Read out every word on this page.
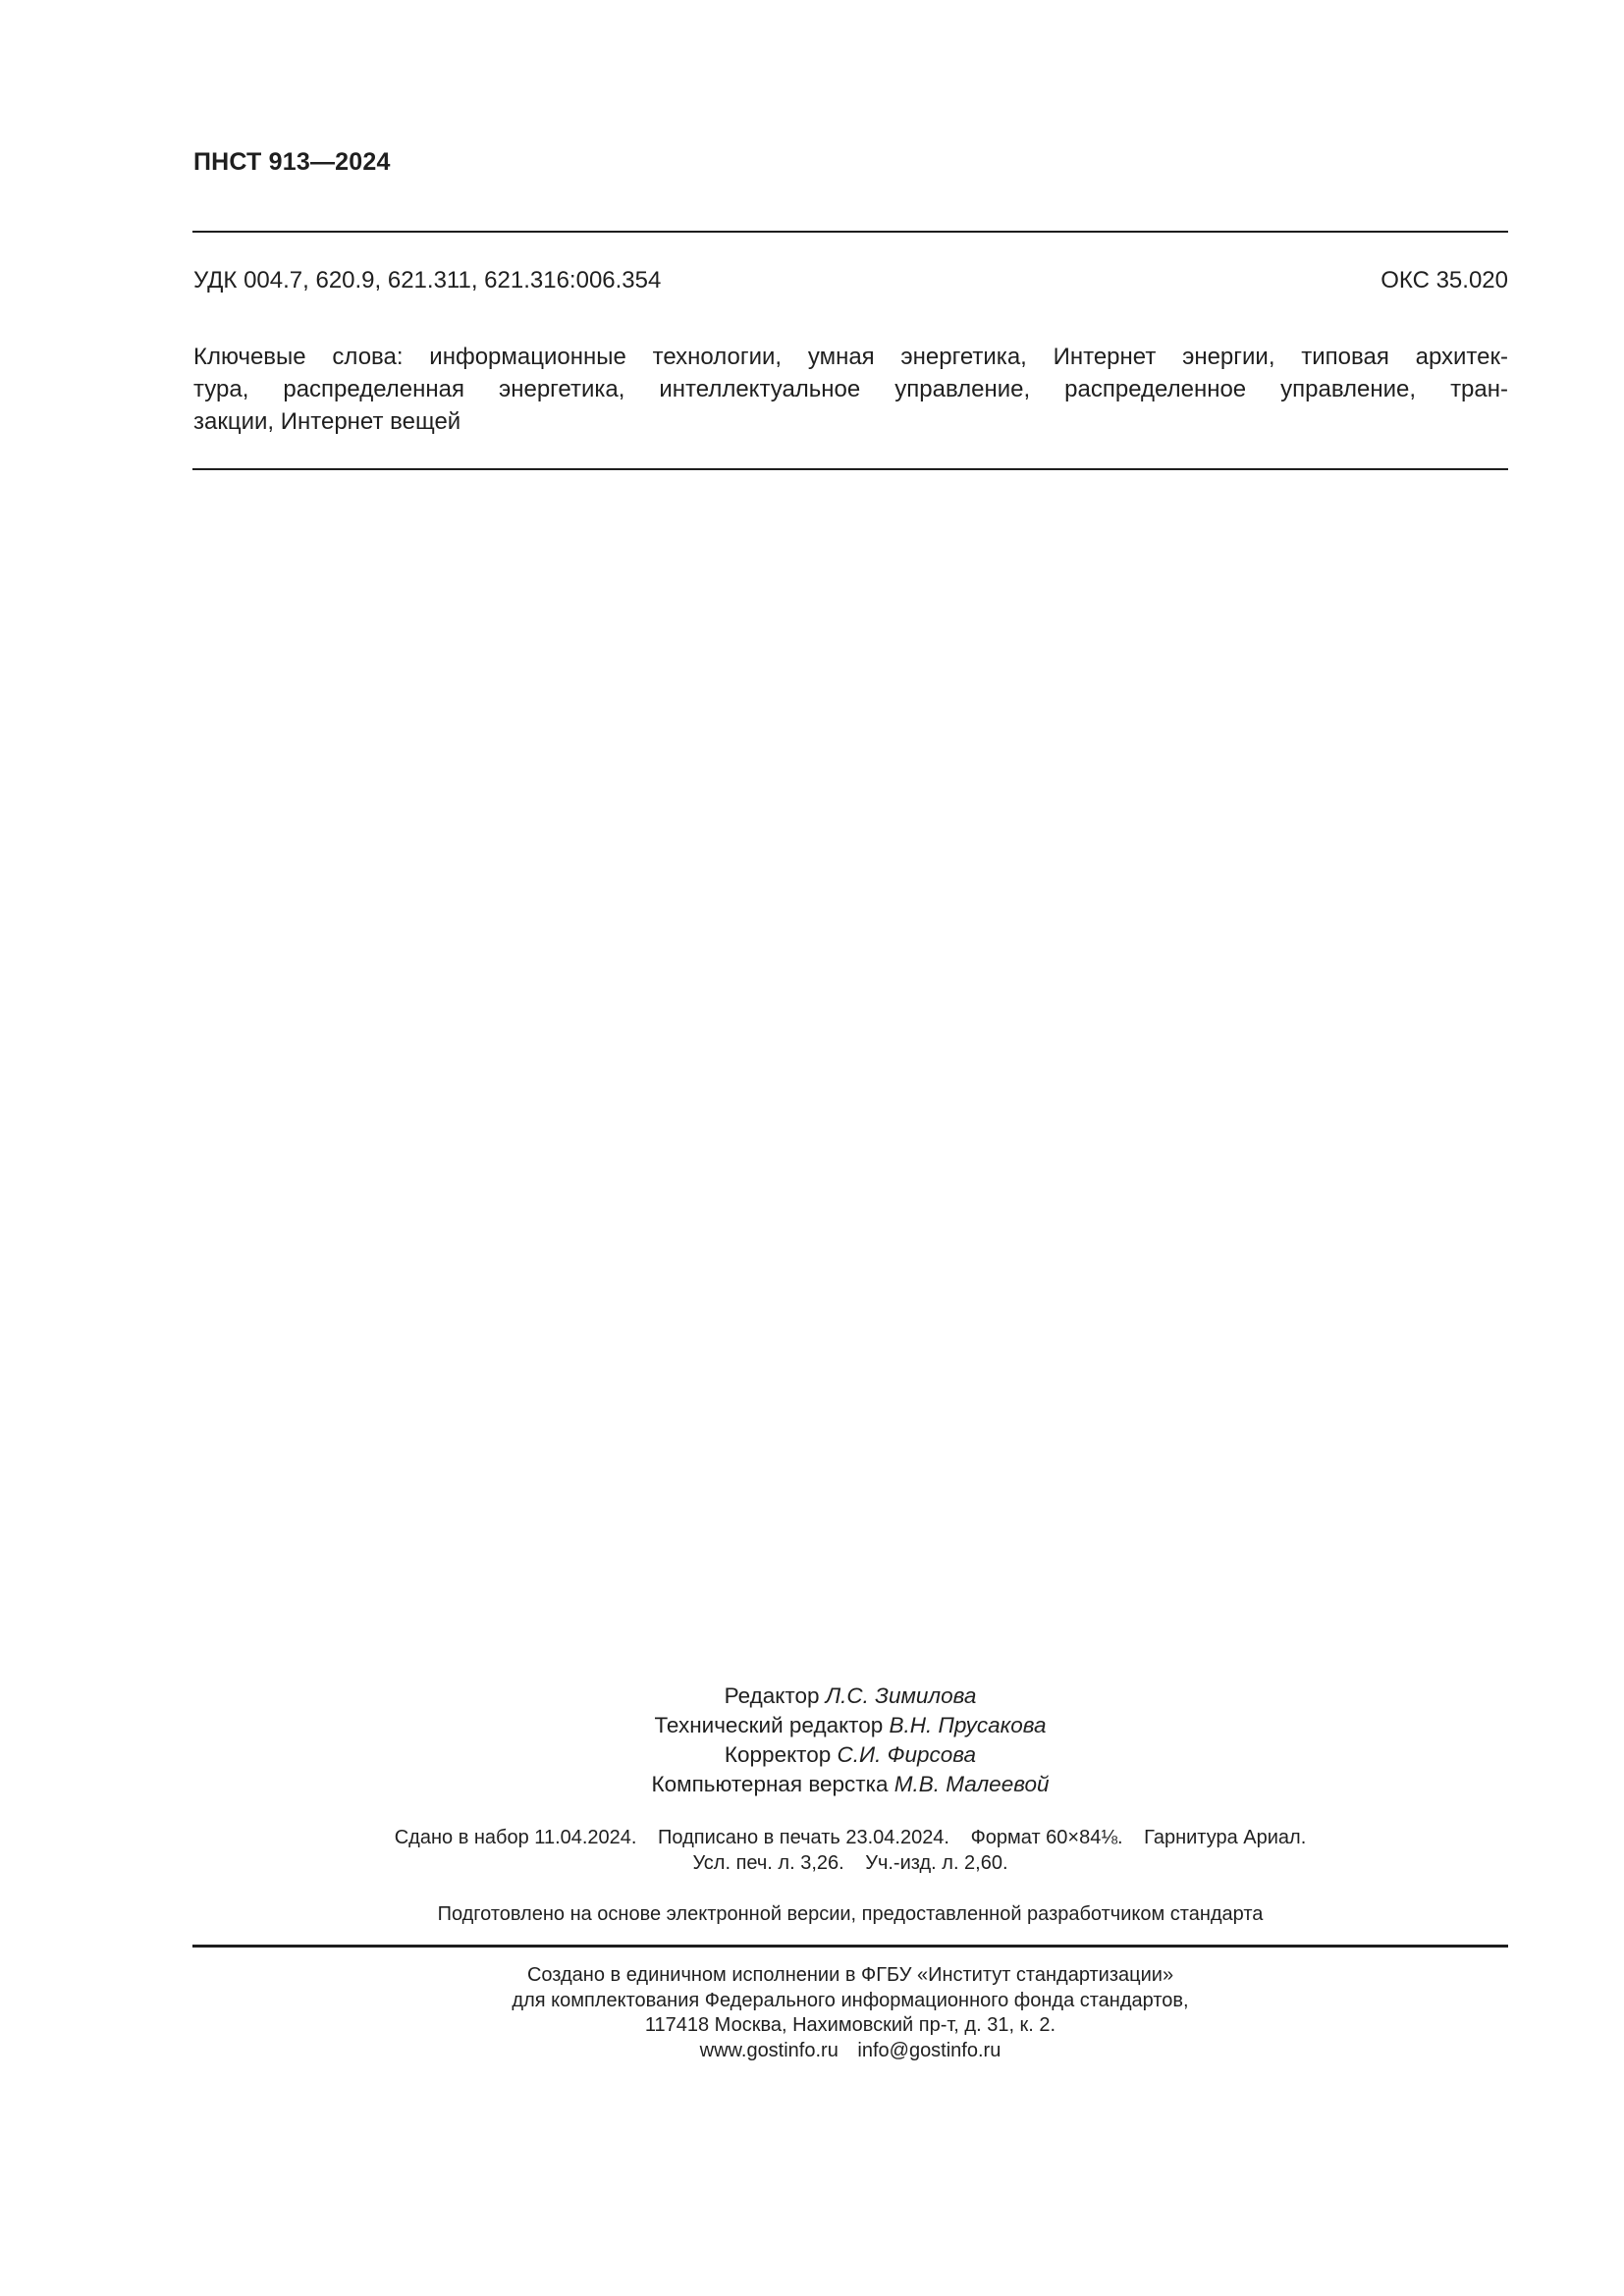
ПНСТ 913—2024
УДК 004.7, 620.9, 621.311, 621.316:006.354	ОКС 35.020
Ключевые слова: информационные технологии, умная энергетика, Интернет энергии, типовая архитек-
тура, распределенная энергетика, интеллектуальное управление, распределенное управление, тран-
закции, Интернет вещей
Редактор Л.С. Зимилова
Технический редактор В.Н. Прусакова
Корректор С.И. Фирсова
Компьютерная верстка М.В. Малеевой
Сдано в набор 11.04.2024. Подписано в печать 23.04.2024. Формат 60×84⅛. Гарнитура Ариал.
Усл. печ. л. 3,26. Уч.-изд. л. 2,60.
Подготовлено на основе электронной версии, предоставленной разработчиком стандарта
Создано в единичном исполнении в ФГБУ «Институт стандартизации»
для комплектования Федерального информационного фонда стандартов,
117418 Москва, Нахимовский пр-т, д. 31, к. 2.
www.gostinfo.ru info@gostinfo.ru
